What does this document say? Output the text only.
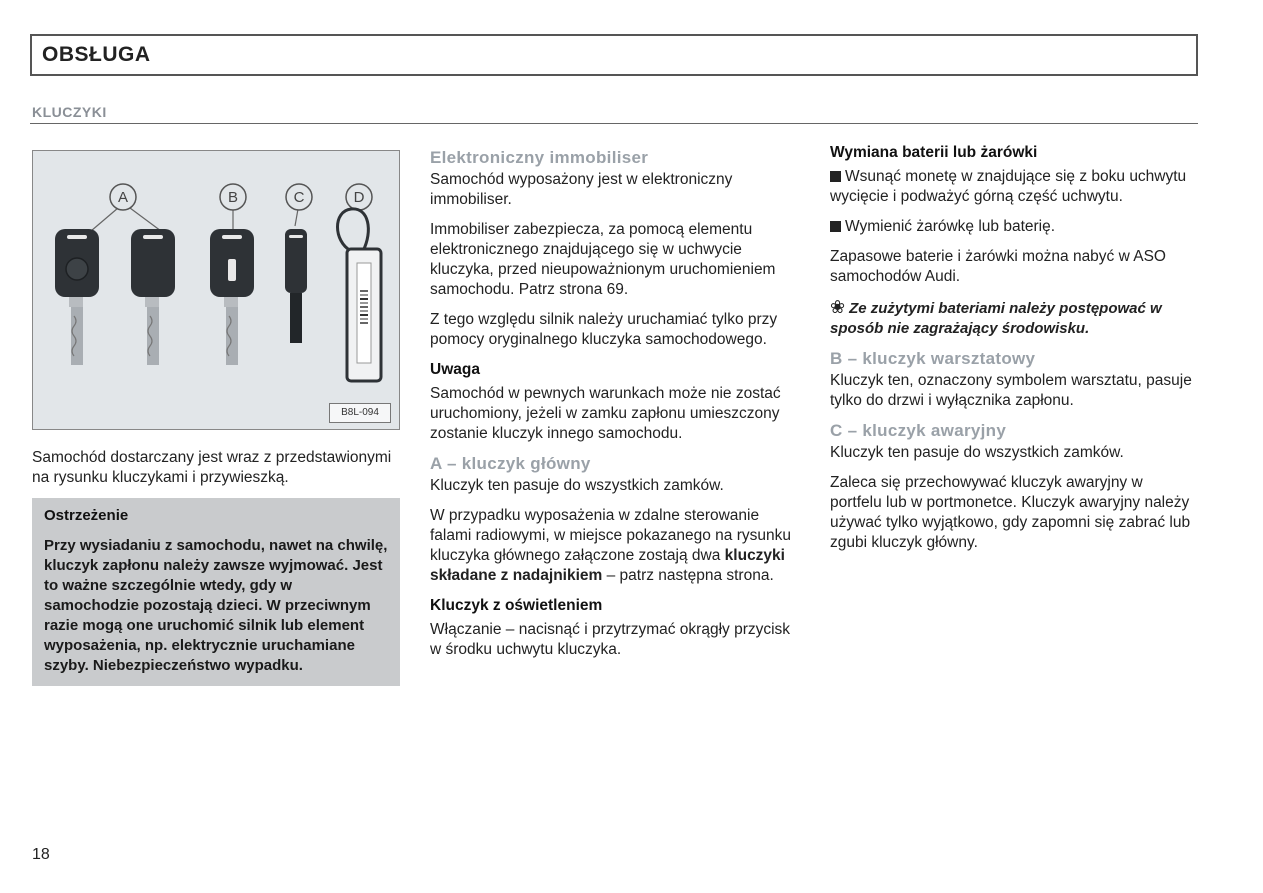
OBSŁUGA
KLUCZYKI
A	B	C	D
B8L-094

Samochód dostarczany jest wraz z przedstawionymi na rysunku kluczykami i przywieszką.

Ostrzeżenie
Przy wysiadaniu z samochodu, nawet na chwilę, kluczyk zapłonu należy zawsze wyjmować. Jest to ważne szczególnie wtedy, gdy w samochodzie pozostają dzieci. W przeciwnym razie mogą one uruchomić silnik lub element wyposażenia, np. elektrycznie uruchamiane szyby. Niebezpieczeństwo wypadku.
Elektroniczny immobiliser

Samochód wyposażony jest w elektroniczny immobiliser.

Immobiliser zabezpiecza, za pomocą elementu elektronicznego znajdującego się w uchwycie kluczyka, przed nieupoważnionym uruchomieniem samochodu. Patrz strona 69.

Z tego względu silnik należy uruchamiać tylko przy pomocy oryginalnego kluczyka samochodowego.

Uwaga

Samochód w pewnych warunkach może nie zostać uruchomiony, jeżeli w zamku zapłonu umieszczony zostanie kluczyk innego samochodu.

A – kluczyk główny

Kluczyk ten pasuje do wszystkich zamków.

W przypadku wyposażenia w zdalne sterowanie falami radiowymi, w miejsce pokazanego na rysunku kluczyka głównego załączone zostają dwa kluczyki składane z nadajnikiem – patrz następna strona.

Kluczyk z oświetleniem

Włączanie – nacisnąć i przytrzymać okrągły przycisk w środku uchwytu kluczyka.

Wymiana baterii lub żarówki

Wsunąć monetę w znajdujące się z boku uchwytu wycięcie i podważyć górną część uchwytu.

Wymienić żarówkę lub baterię.

Zapasowe baterie i żarówki można nabyć w ASO samochodów Audi.

❀ Ze zużytymi bateriami należy postępować w sposób nie zagrażający środowisku.

B – kluczyk warsztatowy

Kluczyk ten, oznaczony symbolem warsztatu, pasuje tylko do drzwi i wyłącznika zapłonu.

C – kluczyk awaryjny

Kluczyk ten pasuje do wszystkich zamków.

Zaleca się przechowywać kluczyk awaryjny w portfelu lub w portmonetce. Kluczyk awaryjny należy używać tylko wyjątkowo, gdy zapomni się zabrać lub zgubi kluczyk główny.

18
